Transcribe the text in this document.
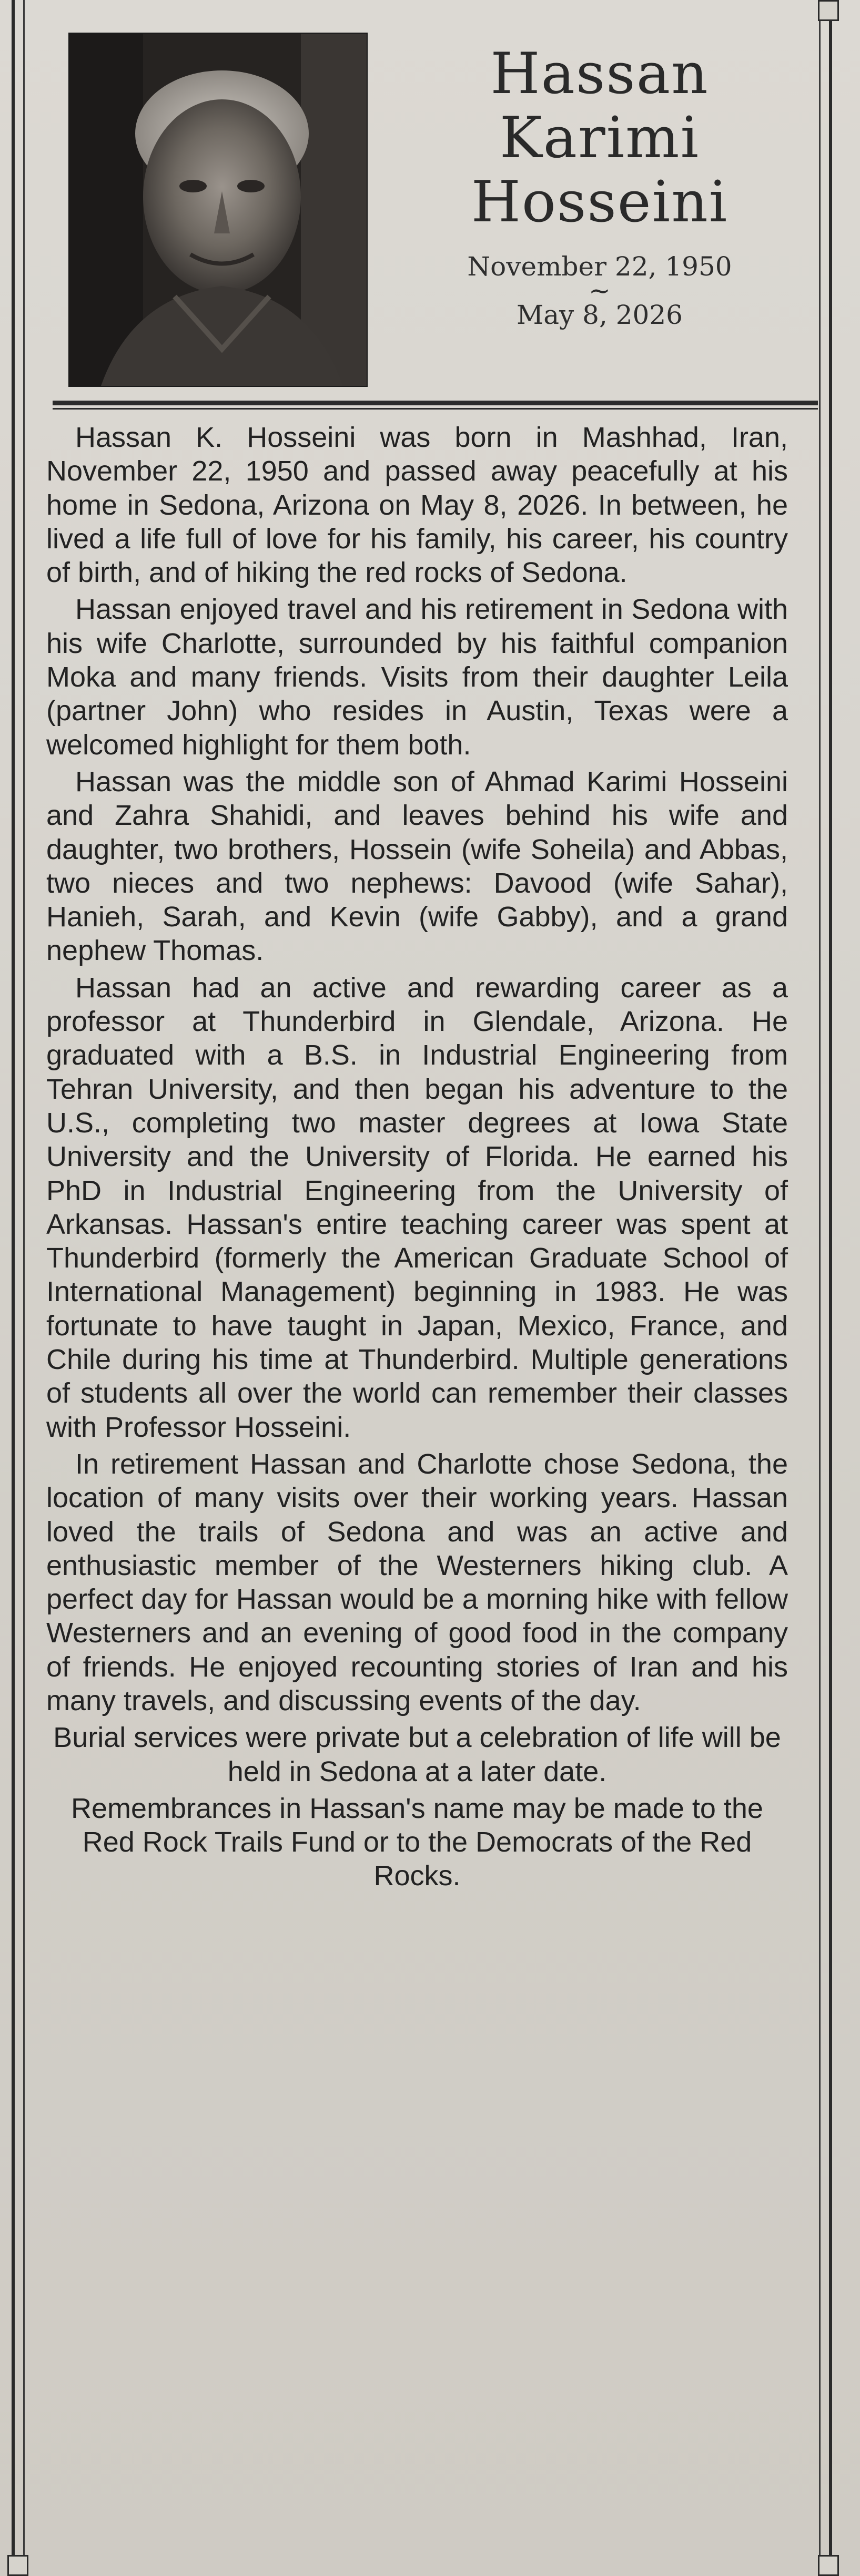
Hassan
Karimi
Hosseini
November 22, 1950
~
May 8, 2026

Hassan K. Hosseini was born in Mashhad, Iran, November 22, 1950 and passed away peacefully at his home in Sedona, Arizona on May 8, 2026. In between, he lived a life full of love for his family, his career, his country of birth, and of hiking the red rocks of Sedona.

Hassan enjoyed travel and his retirement in Sedona with his wife Charlotte, surrounded by his faithful companion Moka and many friends. Visits from their daughter Leila (partner John) who resides in Austin, Texas were a welcomed highlight for them both.

Hassan was the middle son of Ahmad Karimi Hosseini and Zahra Shahidi, and leaves behind his wife and daughter, two brothers, Hossein (wife Soheila) and Abbas, two nieces and two nephews: Davood (wife Sahar), Hanieh, Sarah, and Kevin (wife Gabby), and a grand nephew Thomas.

Hassan had an active and rewarding career as a professor at Thunderbird in Glendale, Arizona. He graduated with a B.S. in Industrial Engineering from Tehran University, and then began his adventure to the U.S., completing two master degrees at Iowa State University and the University of Florida. He earned his PhD in Industrial Engineering from the University of Arkansas. Hassan's entire teaching career was spent at Thunderbird (formerly the American Graduate School of International Management) beginning in 1983. He was fortunate to have taught in Japan, Mexico, France, and Chile during his time at Thunderbird. Multiple generations of students all over the world can remember their classes with Professor Hosseini.

In retirement Hassan and Charlotte chose Sedona, the location of many visits over their working years. Hassan loved the trails of Sedona and was an active and enthusiastic member of the Westerners hiking club. A perfect day for Hassan would be a morning hike with fellow Westerners and an evening of good food in the company of friends. He enjoyed recounting stories of Iran and his many travels, and discussing events of the day.

Burial services were private but a celebration of life will be held in Sedona at a later date.

Remembrances in Hassan's name may be made to the Red Rock Trails Fund or to the Democrats of the Red Rocks.
